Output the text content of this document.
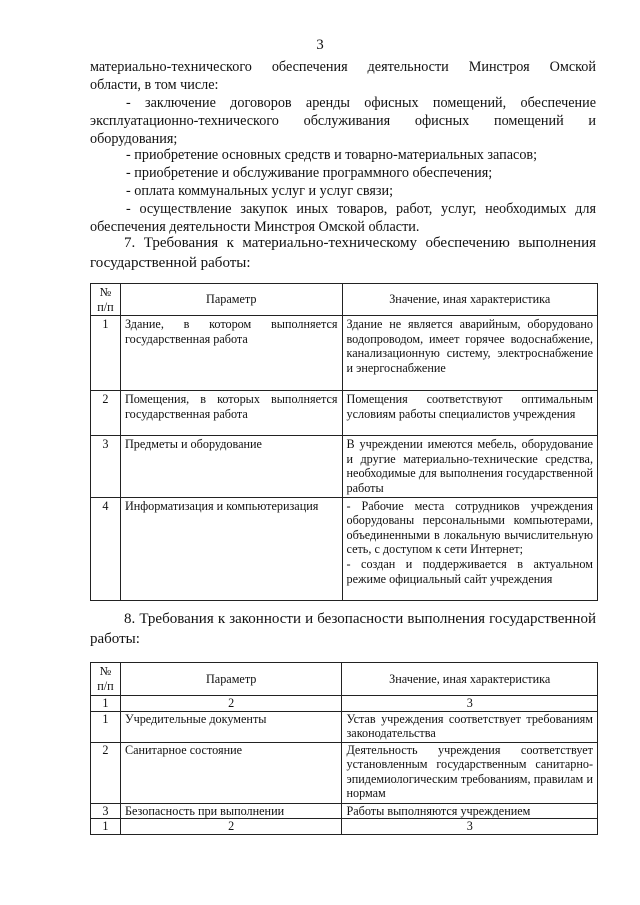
3
материально-технического обеспечения деятельности Минстроя Омской
области, в том числе:
- заключение договоров аренды офисных помещений, обеспечение эксплуатационно-технического обслуживания офисных помещений и оборудования;
- приобретение основных средств и товарно-материальных запасов;
- приобретение и обслуживание программного обеспечения;
- оплата коммунальных услуг и услуг связи;
- осуществление закупок иных товаров, работ, услуг, необходимых для обеспечения деятельности Минстроя Омской области.
7. Требования к материально-техническому обеспечению выполнения государственной работы:
№ п/п	Параметр	Значение, иная характеристика
1	Здание, в котором выполняется государственная работа	Здание не является аварийным, оборудовано водопроводом, имеет горячее водоснабжение, канализационную систему, электроснабжение и энергоснабжение
2	Помещения, в которых выполняется государственная работа	Помещения соответствуют оптимальным условиям работы специалистов учреждения
3	Предметы и оборудование	В учреждении имеются мебель, оборудование и другие материально-технические средства, необходимые для выполнения государственной работы
4	Информатизация и компьютеризация	- Рабочие места сотрудников учреждения оборудованы персональными компьютерами, объединенными в локальную вычислительную сеть, с доступом к сети Интернет;
- создан и поддерживается в актуальном режиме официальный сайт учреждения
8. Требования к законности и безопасности выполнения государственной работы:
№ п/п	Параметр	Значение, иная характеристика
1	2	3
1	Учредительные документы	Устав учреждения соответствует требованиям законодательства
2	Санитарное состояние	Деятельность учреждения соответствует установленным государственным санитарно-эпидемиологическим требованиям, правилам и нормам
3	Безопасность при выполнении	Работы выполняются учреждением
1	2	3
